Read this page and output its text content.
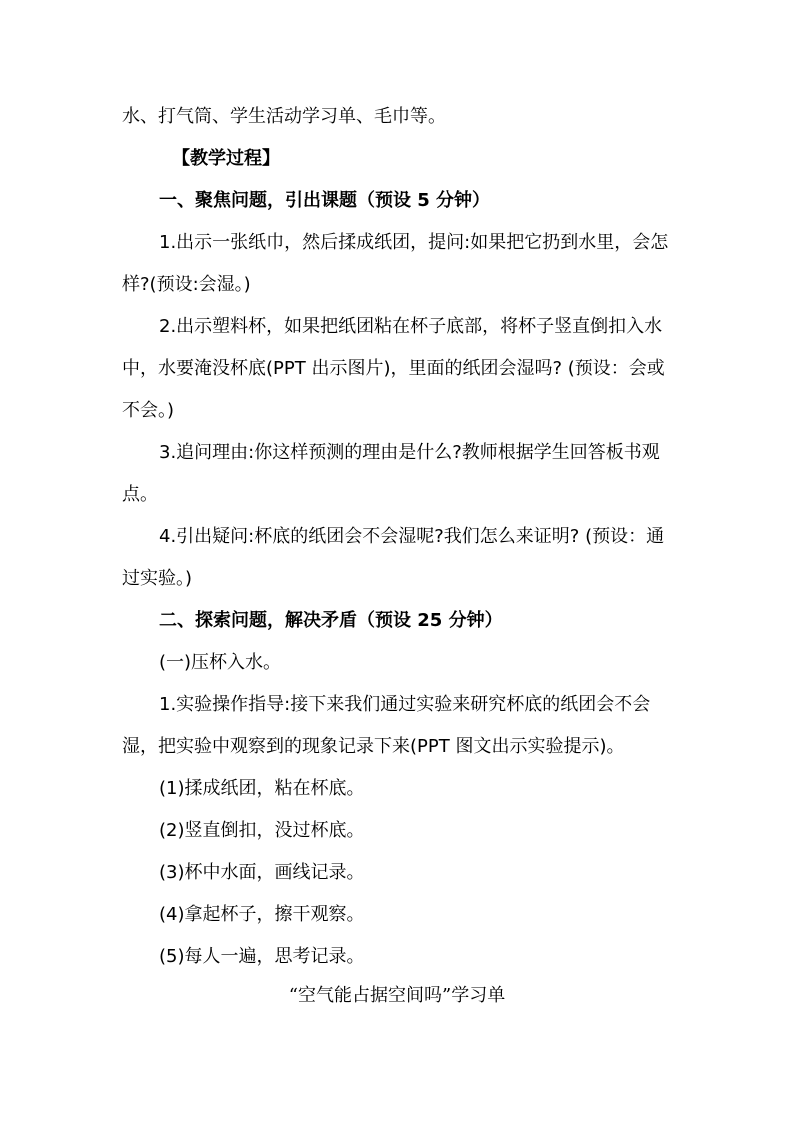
水、打气筒、学生活动学习单、毛巾等。
【教学过程】
一、聚焦问题，引出课题（预设 5 分钟）
1.出示一张纸巾，然后揉成纸团，提问:如果把它扔到水里，会怎
样?(预设:会湿。)
2.出示塑料杯，如果把纸团粘在杯子底部，将杯子竖直倒扣入水
中，水要淹没杯底(PPT 出示图片)，里面的纸团会湿吗? (预设：会或
不会。)
3.追问理由:你这样预测的理由是什么?教师根据学生回答板书观
点。
4.引出疑问:杯底的纸团会不会湿呢?我们怎么来证明? (预设：通
过实验。)
二、探索问题，解决矛盾（预设 25 分钟）
(一)压杯入水。
1.实验操作指导:接下来我们通过实验来研究杯底的纸团会不会
湿，把实验中观察到的现象记录下来(PPT 图文出示实验提示)。
(1)揉成纸团，粘在杯底。
(2)竖直倒扣，没过杯底。
(3)杯中水面，画线记录。
(4)拿起杯子，擦干观察。
(5)每人一遍，思考记录。
“空气能占据空间吗”学习单
